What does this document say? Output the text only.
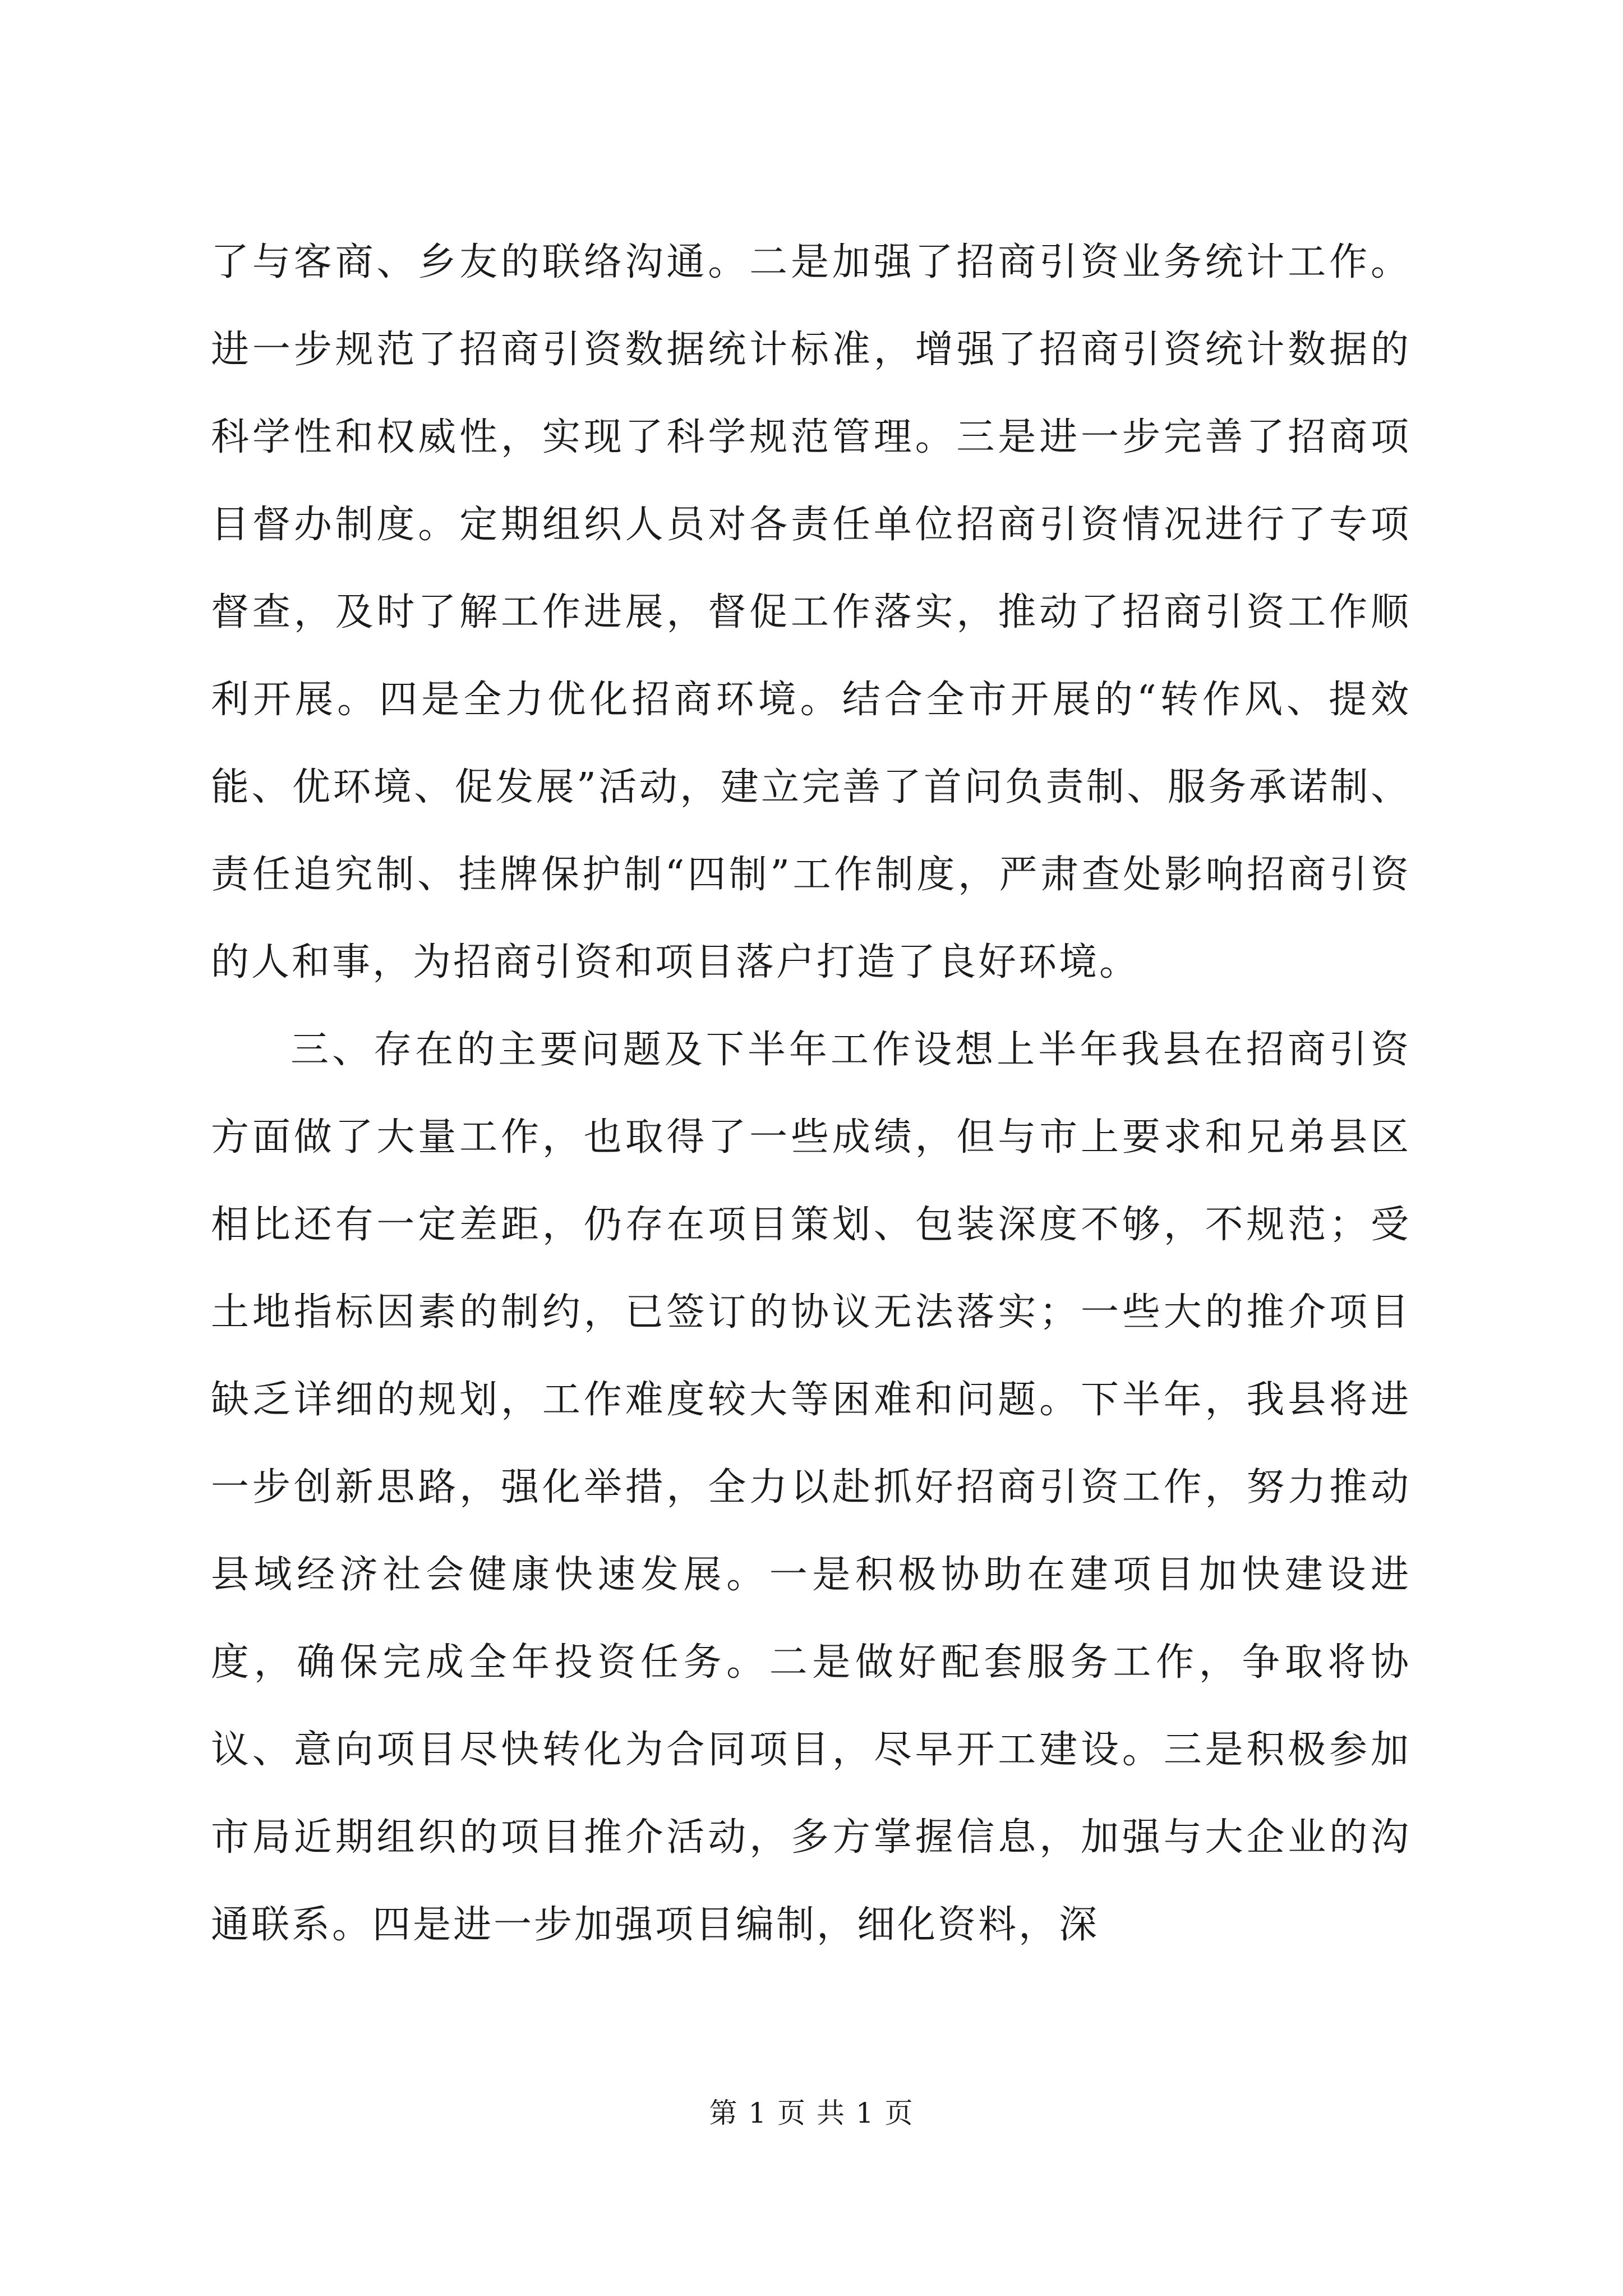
了与客商、乡友的联络沟通。二是加强了招商引资业务统计工作。进一步规范了招商引资数据统计标准，增强了招商引资统计数据的科学性和权威性，实现了科学规范管理。三是进一步完善了招商项目督办制度。定期组织人员对各责任单位招商引资情况进行了专项督查，及时了解工作进展，督促工作落实，推动了招商引资工作顺利开展。四是全力优化招商环境。结合全市开展的“转作风、提效能、优环境、促发展”活动，建立完善了首问负责制、服务承诺制、责任追究制、挂牌保护制“四制”工作制度，严肃查处影响招商引资的人和事，为招商引资和项目落户打造了良好环境。

三、存在的主要问题及下半年工作设想上半年我县在招商引资方面做了大量工作，也取得了一些成绩，但与市上要求和兄弟县区相比还有一定差距，仍存在项目策划、包装深度不够，不规范；受土地指标因素的制约，已签订的协议无法落实；一些大的推介项目缺乏详细的规划，工作难度较大等困难和问题。下半年，我县将进一步创新思路，强化举措，全力以赴抓好招商引资工作，努力推动县域经济社会健康快速发展。一是积极协助在建项目加快建设进度，确保完成全年投资任务。二是做好配套服务工作，争取将协议、意向项目尽快转化为合同项目，尽早开工建设。三是积极参加市局近期组织的项目推介活动，多方掌握信息，加强与大企业的沟通联系。四是进一步加强项目编制，细化资料，深

第 1 页 共 1 页
